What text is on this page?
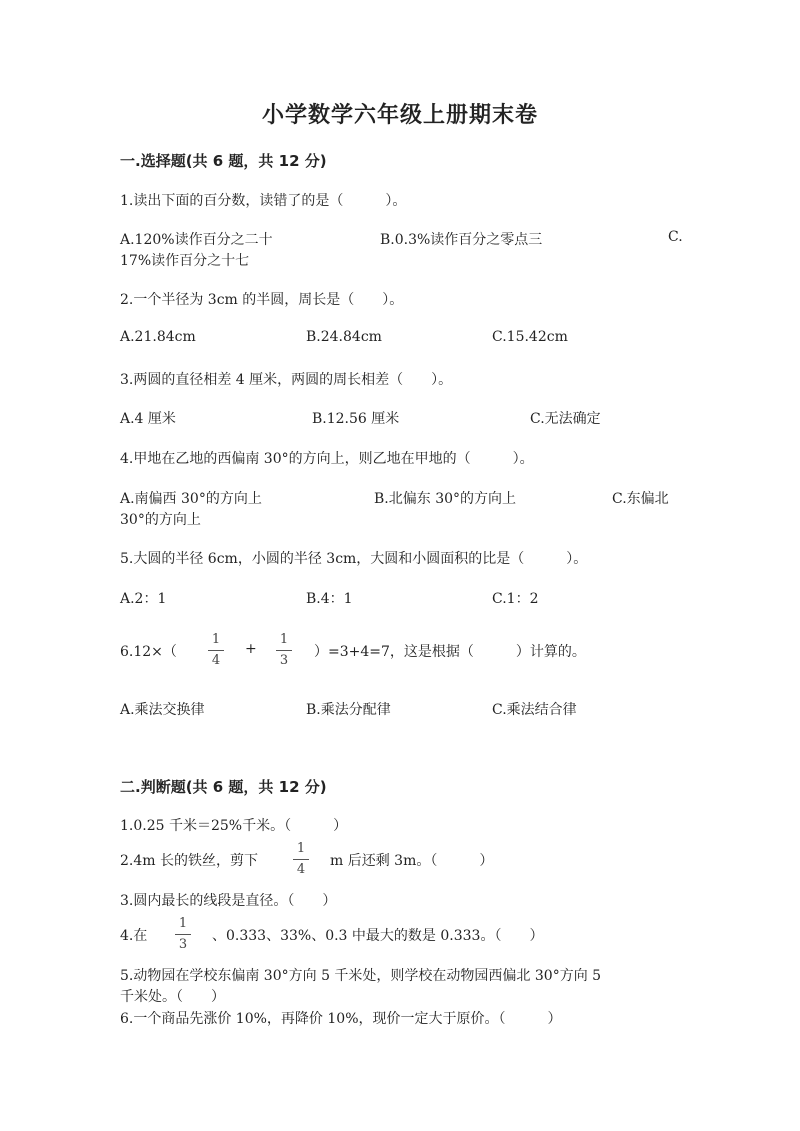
小学数学六年级上册期末卷
一.选择题(共 6 题，共 12 分)
1.读出下面的百分数，读错了的是（　　　）。
A.120%读作百分之二十	B.0.3%读作百分之零点三	C.
17%读作百分之十七
2.一个半径为 3cm 的半圆，周长是（　　）。
A.21.84cm	B.24.84cm	C.15.42cm
3.两圆的直径相差 4 厘米，两圆的周长相差（　　）。
A.4 厘米	B.12.56 厘米	C.无法确定
4.甲地在乙地的西偏南 30°的方向上，则乙地在甲地的（　　　）。
A.南偏西 30°的方向上	B.北偏东 30°的方向上	C.东偏北
30°的方向上
5.大圆的半径 6cm，小圆的半径 3cm，大圆和小圆面积的比是（　　　）。
A.2：1	B.4：1	C.1：2
6.12×（
1
4
+
1
3
）=3+4=7，这是根据（　　　）计算的。
A.乘法交换律	B.乘法分配律	C.乘法结合律
二.判断题(共 6 题，共 12 分)
1.0.25 千米＝25%千米。（　　　）
2.4m 长的铁丝，剪下
1
4
m 后还剩 3m。（　　　）
3.圆内最长的线段是直径。（　　）
4.在
1
3
、0.333、33%、0.3 中最大的数是 0.333。（　　）
5.动物园在学校东偏南 30°方向 5 千米处，则学校在动物园西偏北 30°方向 5
千米处。（　　）
6.一个商品先涨价 10%，再降价 10%，现价一定大于原价。（　　　）
